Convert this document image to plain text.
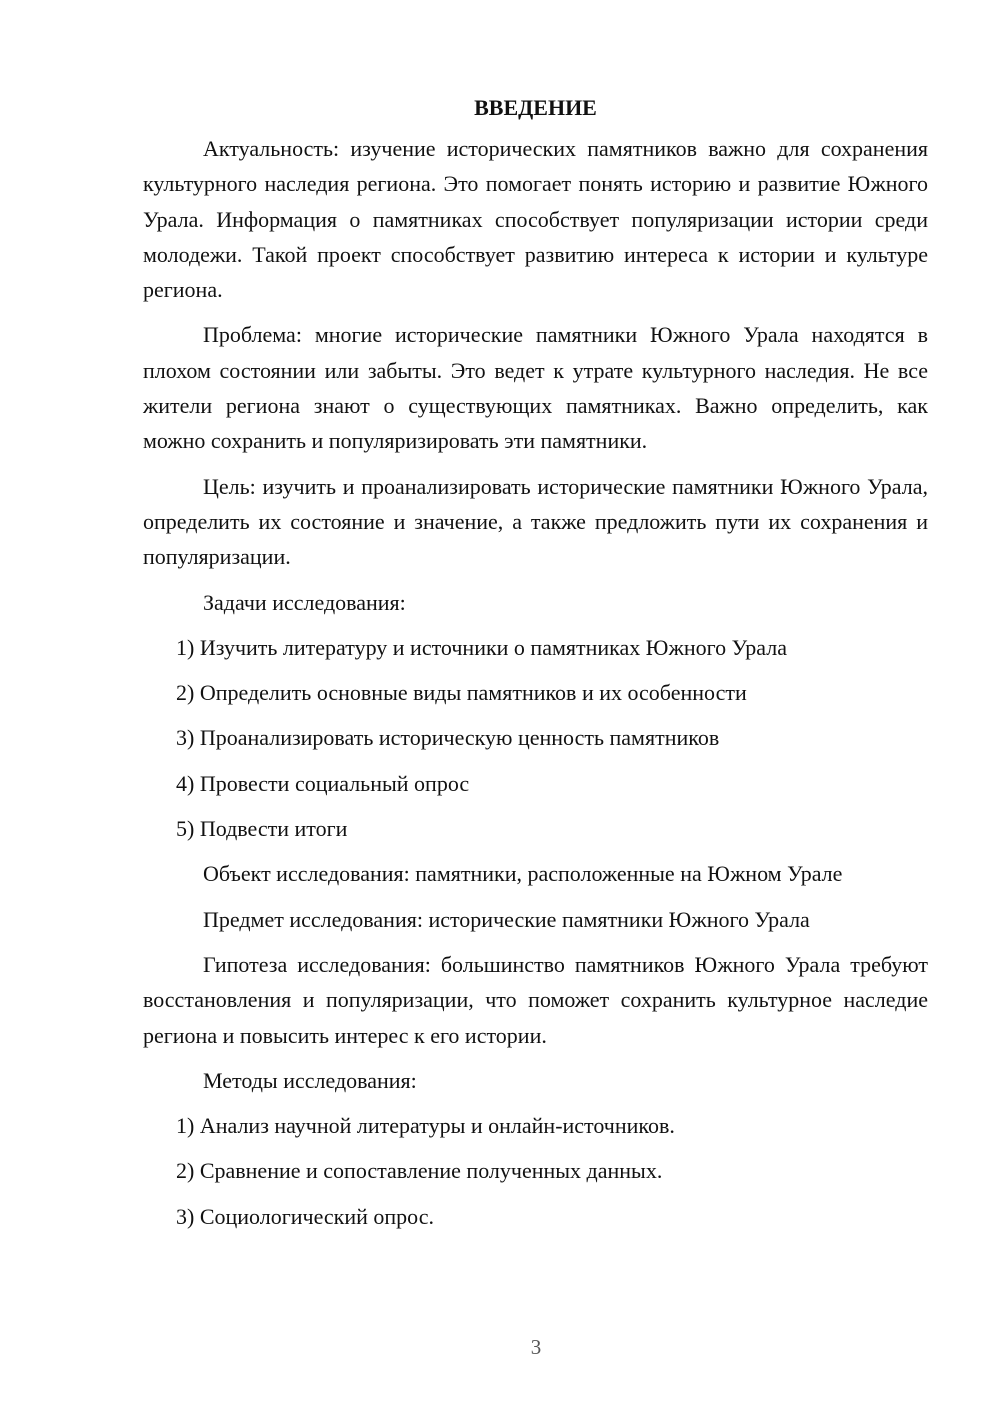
ВВЕДЕНИЕ

Актуальность: изучение исторических памятников важно для сохранения культурного наследия региона. Это помогает понять историю и развитие Южного Урала. Информация о памятниках способствует популяризации истории среди молодежи. Такой проект способствует развитию интереса к истории и культуре региона.

Проблема: многие исторические памятники Южного Урала находятся в плохом состоянии или забыты. Это ведет к утрате культурного наследия. Не все жители региона знают о существующих памятниках. Важно определить, как можно сохранить и популяризировать эти памятники.

Цель: изучить и проанализировать исторические памятники Южного Урала, определить их состояние и значение, а также предложить пути их сохранения и популяризации.

Задачи исследования:

1) Изучить литературу и источники о памятниках Южного Урала

2) Определить основные виды памятников и их особенности

3) Проанализировать историческую ценность памятников

4) Провести социальный опрос

5) Подвести итоги

Объект исследования: памятники, расположенные на Южном Урале

Предмет исследования: исторические памятники Южного Урала

Гипотеза исследования: большинство памятников Южного Урала требуют восстановления и популяризации, что поможет сохранить культурное наследие региона и повысить интерес к его истории.

Методы исследования:

1) Анализ научной литературы и онлайн-источников.

2) Сравнение и сопоставление полученных данных.

3) Социологический опрос.

3
